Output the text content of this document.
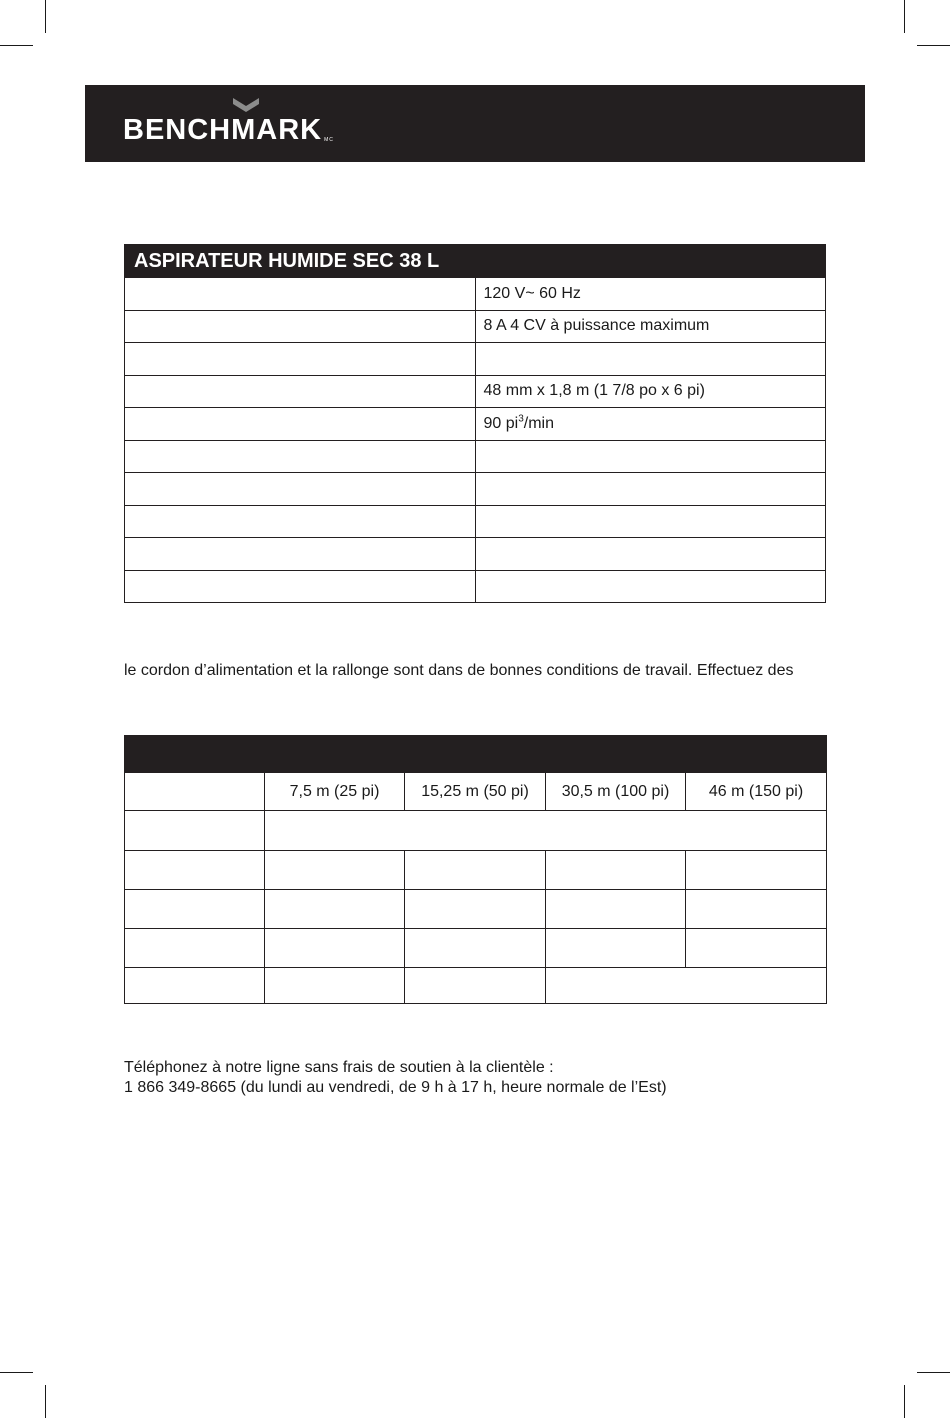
BENCH M ARK MC
ASPIRATEUR HUMIDE SEC 38 L	
	120 V~ 60 Hz
	8 A 4 CV à puissance maximum

	48 mm x 1,8 m (1 7/8 po x 6 pi)
	90 $pi^3/\min$

le cordon d’alimentation et la rallonge sont dans de bonnes conditions de travail. Effectuez des

	7,5 m (25 pi)	15,25 m (50 pi)	30,5 m (100 pi)	46 m (150 pi)

Téléphonez à notre ligne sans frais de soutien à la clientèle :
1 866 349-8665 (du lundi au vendredi, de 9 h à 17 h, heure normale de l’Est)
